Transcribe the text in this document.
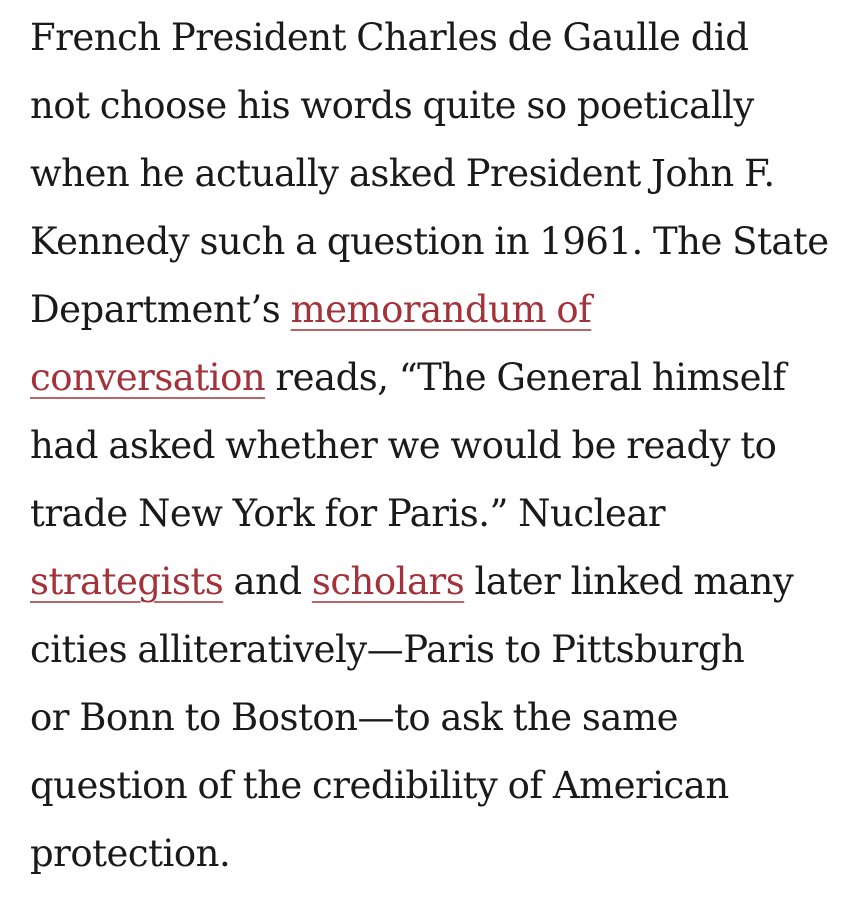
French President Charles de Gaulle did
not choose his words quite so poetically
when he actually asked President John F.
Kennedy such a question in 1961. The State
Department’s memorandum of
conversation reads, “The General himself
had asked whether we would be ready to
trade New York for Paris.” Nuclear
strategists and scholars later linked many
cities alliteratively—Paris to Pittsburgh
or Bonn to Boston—to ask the same
question of the credibility of American
protection.
